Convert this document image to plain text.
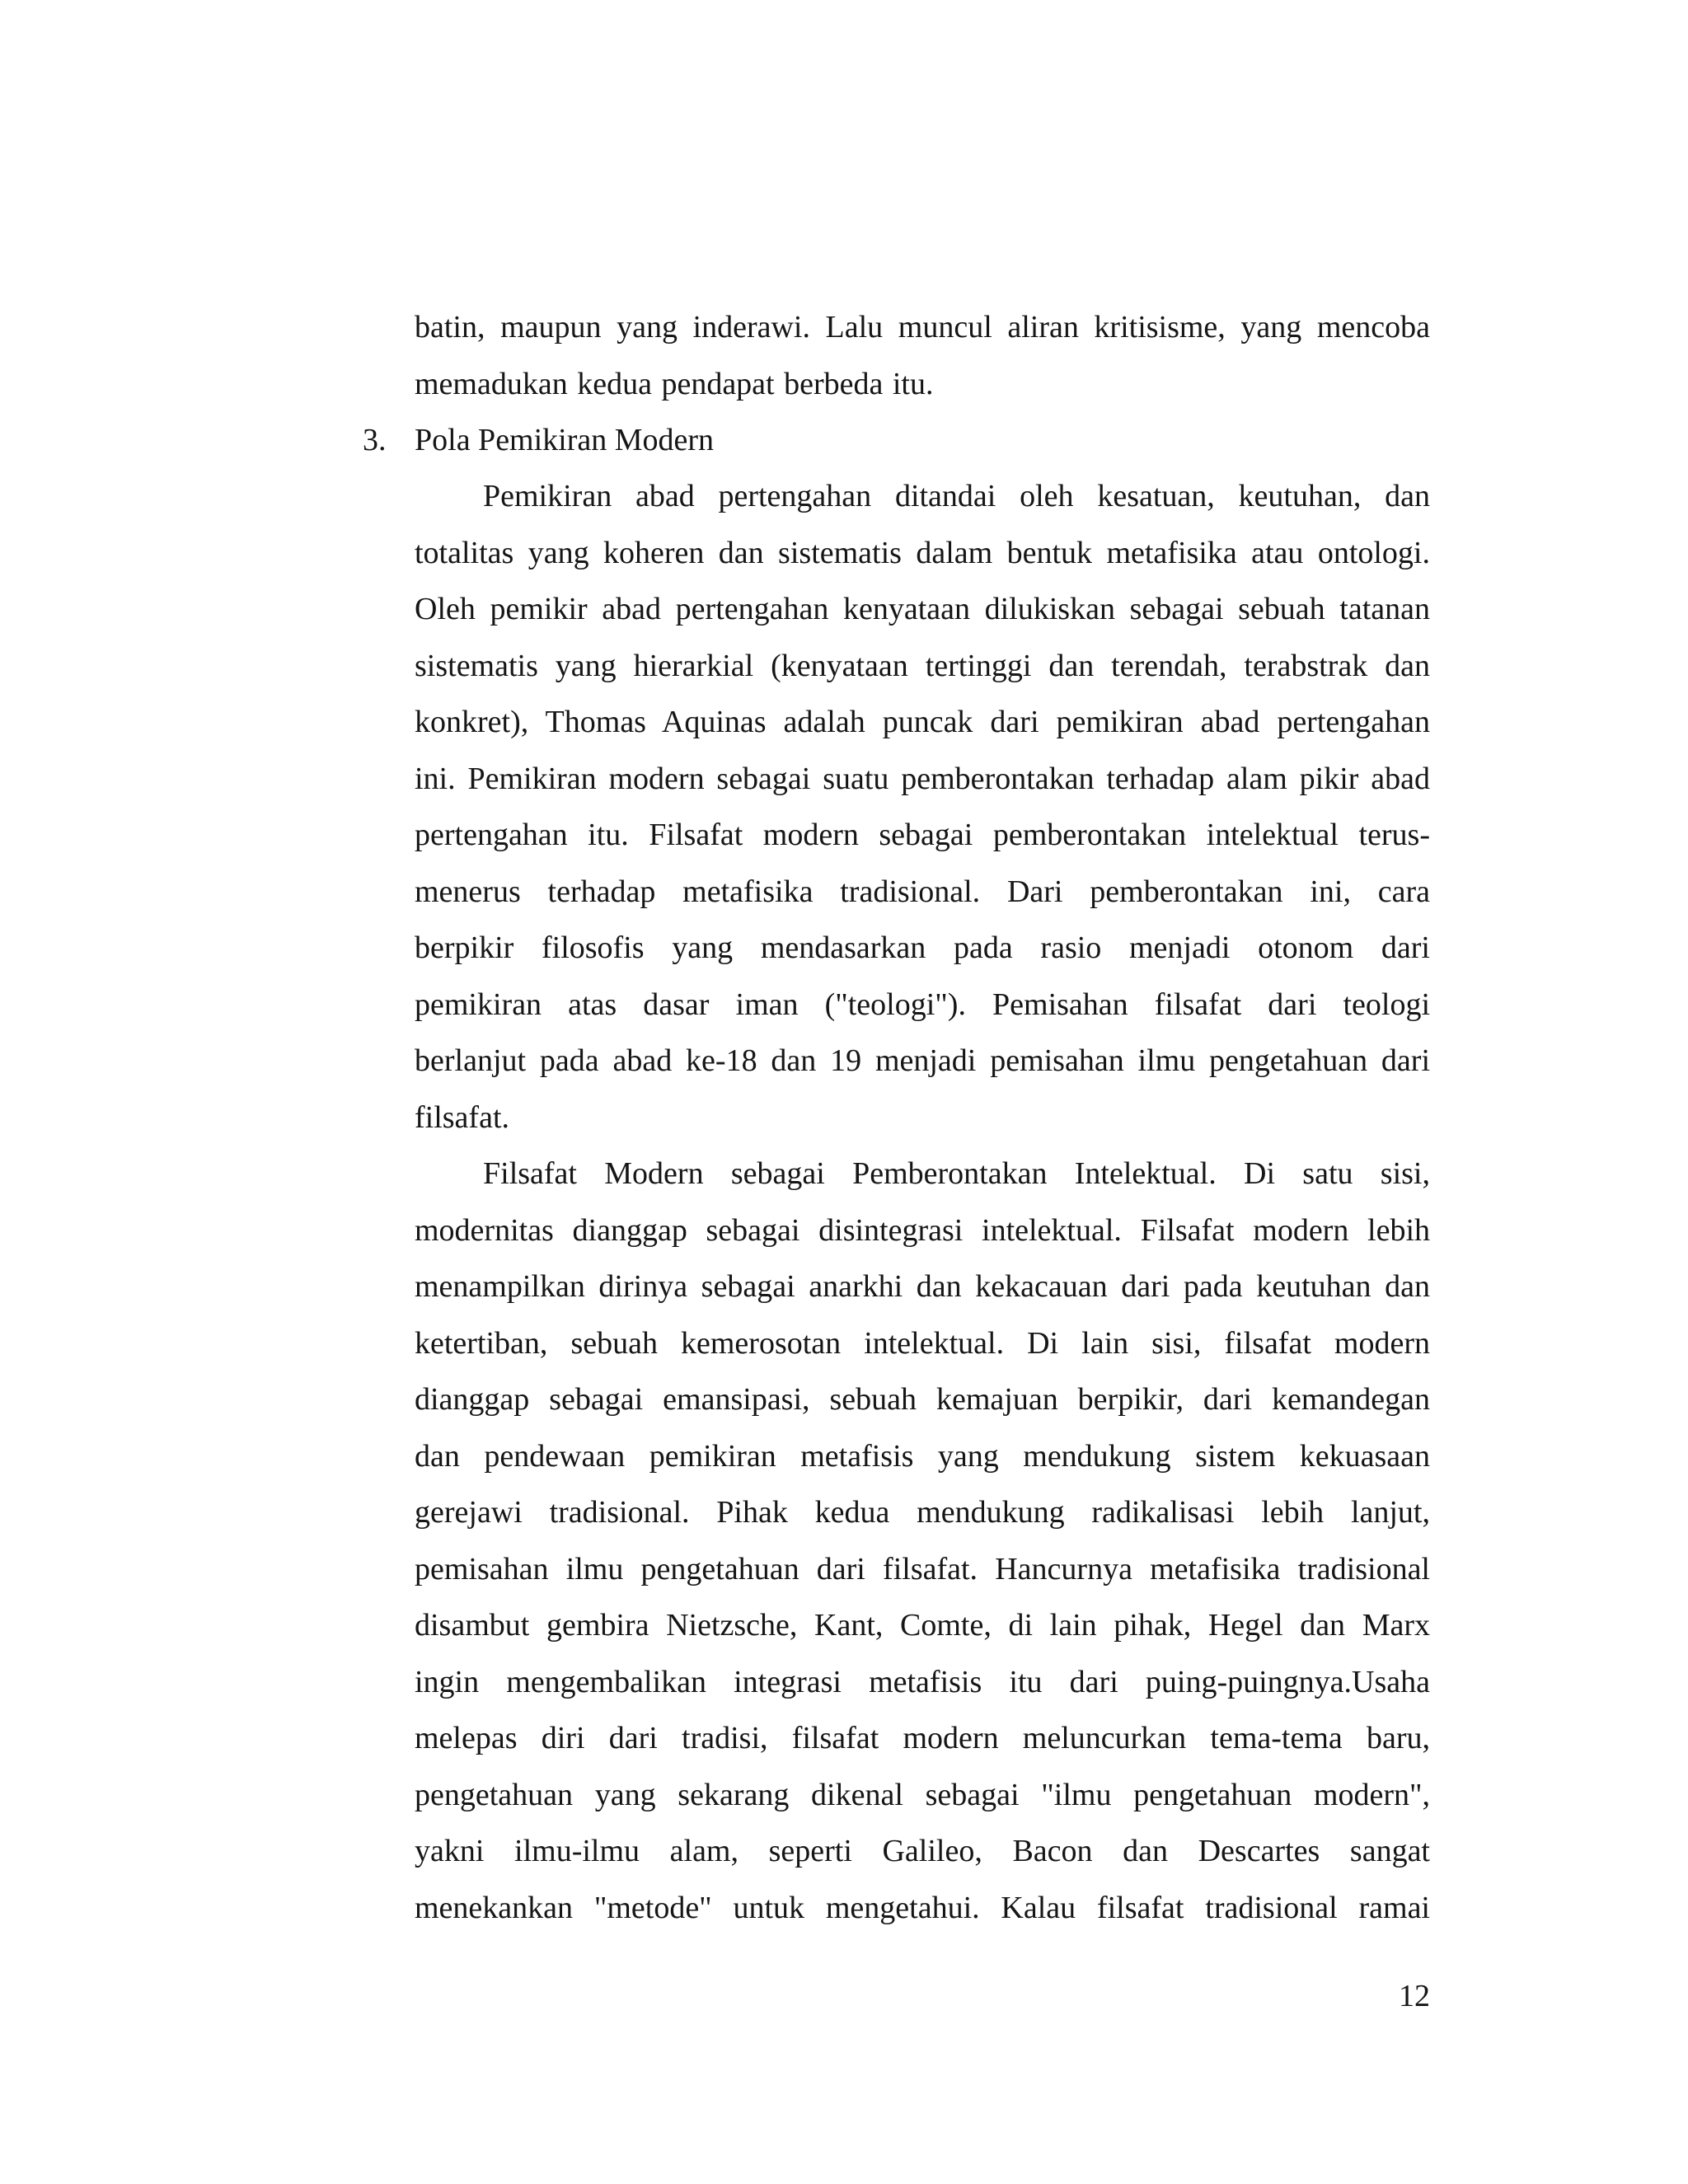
batin, maupun yang inderawi. Lalu muncul aliran kritisisme, yang mencoba
memadukan kedua pendapat berbeda itu.
3. Pola Pemikiran Modern
Pemikiran abad pertengahan ditandai oleh kesatuan, keutuhan, dan
totalitas yang koheren dan sistematis dalam bentuk metafisika atau ontologi.
Oleh pemikir abad pertengahan kenyataan dilukiskan sebagai sebuah tatanan
sistematis yang hierarkial (kenyataan tertinggi dan terendah, terabstrak dan
konkret), Thomas Aquinas adalah puncak dari pemikiran abad pertengahan
ini. Pemikiran modern sebagai suatu pemberontakan terhadap alam pikir abad
pertengahan itu. Filsafat modern sebagai pemberontakan intelektual terus-
menerus terhadap metafisika tradisional. Dari pemberontakan ini, cara
berpikir filosofis yang mendasarkan pada rasio menjadi otonom dari
pemikiran atas dasar iman ("teologi"). Pemisahan filsafat dari teologi
berlanjut pada abad ke-18 dan 19 menjadi pemisahan ilmu pengetahuan dari
filsafat.
Filsafat Modern sebagai Pemberontakan Intelektual. Di satu sisi,
modernitas dianggap sebagai disintegrasi intelektual. Filsafat modern lebih
menampilkan dirinya sebagai anarkhi dan kekacauan dari pada keutuhan dan
ketertiban, sebuah kemerosotan intelektual. Di lain sisi, filsafat modern
dianggap sebagai emansipasi, sebuah kemajuan berpikir, dari kemandegan
dan pendewaan pemikiran metafisis yang mendukung sistem kekuasaan
gerejawi tradisional. Pihak kedua mendukung radikalisasi lebih lanjut,
pemisahan ilmu pengetahuan dari filsafat. Hancurnya metafisika tradisional
disambut gembira Nietzsche, Kant, Comte, di lain pihak, Hegel dan Marx
ingin mengembalikan integrasi metafisis itu dari puing-puingnya.Usaha
melepas diri dari tradisi, filsafat modern meluncurkan tema-tema baru,
pengetahuan yang sekarang dikenal sebagai "ilmu pengetahuan modern",
yakni ilmu-ilmu alam, seperti Galileo, Bacon dan Descartes sangat
menekankan "metode" untuk mengetahui. Kalau filsafat tradisional ramai
12
